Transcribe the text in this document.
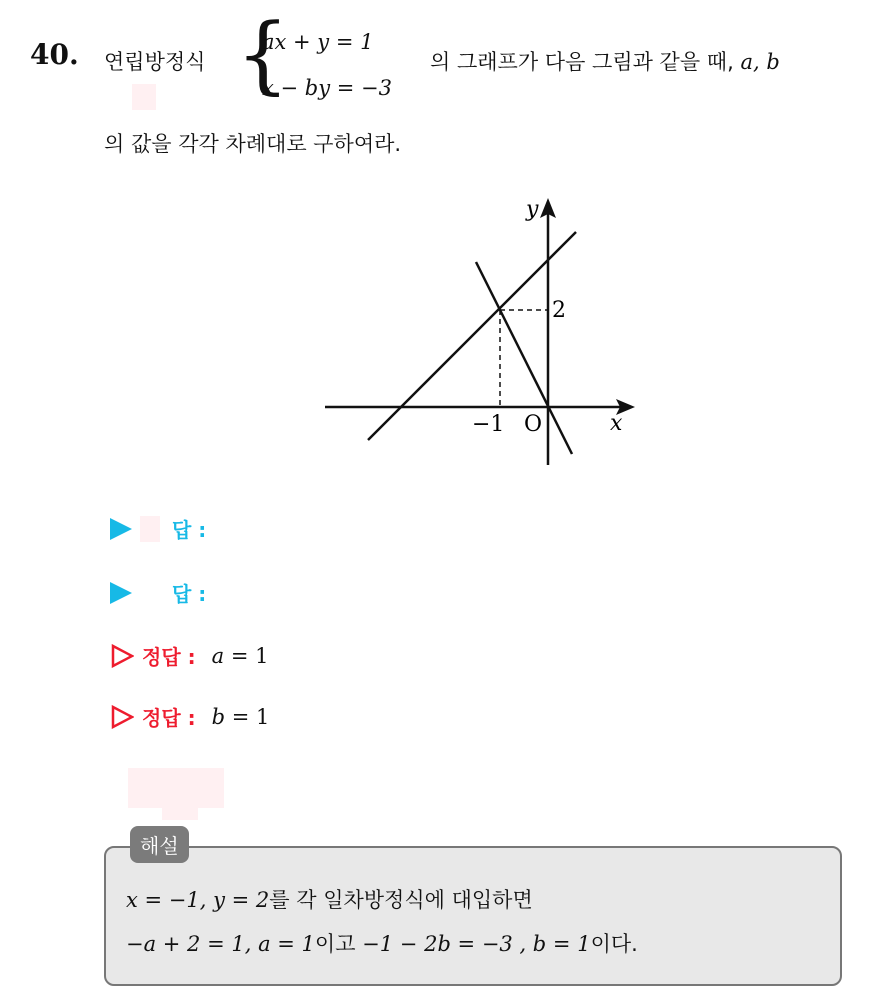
40. 연립방정식 {
ax + y = 1
x − by = −3
의 그래프가 다음 그림과 같을 때, a, b
의 값을 각각 차례대로 구하여라.
y
x
O
−1
2
답 :
답 :
정답 : a = 1
정답 : b = 1
해설
x = −1, y = 2를 각 일차방정식에 대입하면
−a + 2 = 1, a = 1이고 −1 − 2b = −3 , b = 1이다.
